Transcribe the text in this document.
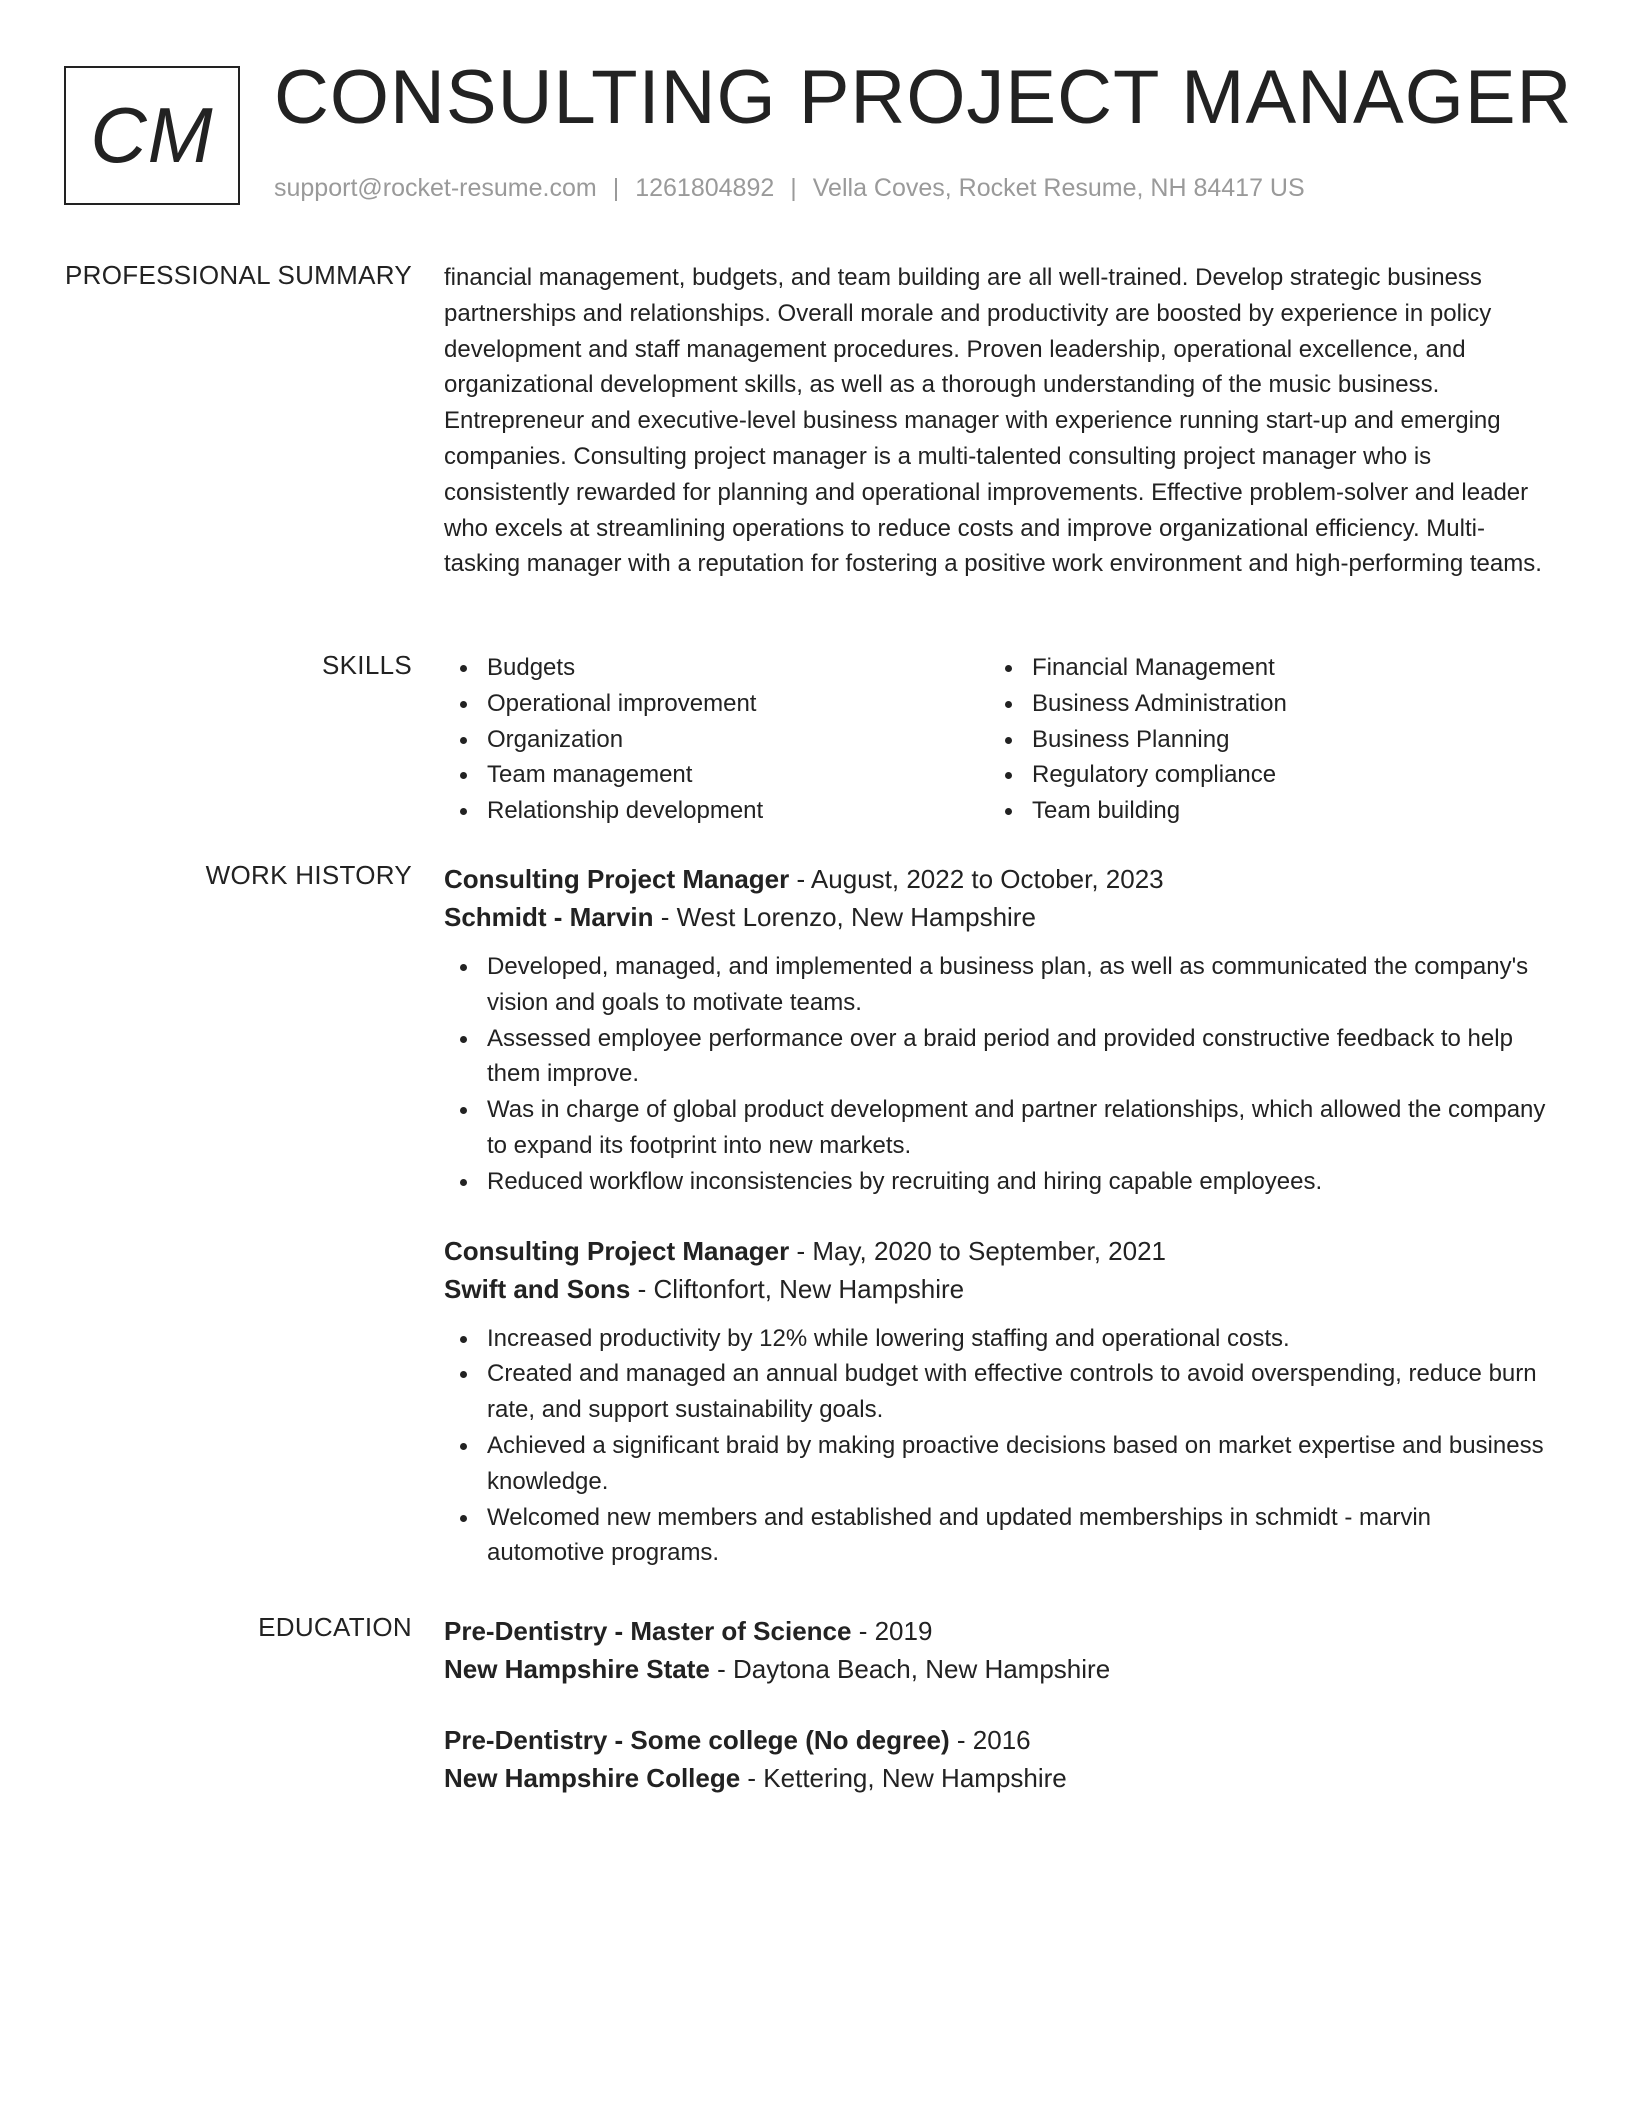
CM CONSULTING PROJECT MANAGER
support@rocket-resume.com | 1261804892 | Vella Coves, Rocket Resume, NH 84417 US
PROFESSIONAL SUMMARY financial management, budgets, and team building are all well-trained. Develop strategic business partnerships and relationships. Overall morale and productivity are boosted by experience in policy development and staff management procedures. Proven leadership, operational excellence, and organizational development skills, as well as a thorough understanding of the music business. Entrepreneur and executive-level business manager with experience running start-up and emerging companies. Consulting project manager is a multi-talented consulting project manager who is consistently rewarded for planning and operational improvements. Effective problem-solver and leader who excels at streamlining operations to reduce costs and improve organizational efficiency. Multi-tasking manager with a reputation for fostering a positive work environment and high-performing teams.

SKILLS	Budgets
Operational improvement
Organization
Team management
Relationship development
Financial Management
Business Administration
Business Planning
Regulatory compliance
Team building
WORK HISTORY Consulting Project Manager - August, 2022 to October, 2023
Schmidt - Marvin - West Lorenzo, New Hampshire
Developed, managed, and implemented a business plan, as well as communicated the company's vision and goals to motivate teams.
Assessed employee performance over a braid period and provided constructive feedback to help them improve.
Was in charge of global product development and partner relationships, which allowed the company to expand its footprint into new markets.
Reduced workflow inconsistencies by recruiting and hiring capable employees.
Consulting Project Manager - May, 2020 to September, 2021
Swift and Sons - Cliftonfort, New Hampshire
Increased productivity by 12% while lowering staffing and operational costs.
Created and managed an annual budget with effective controls to avoid overspending, reduce burn rate, and support sustainability goals.
Achieved a significant braid by making proactive decisions based on market expertise and business knowledge.
Welcomed new members and established and updated memberships in schmidt - marvin automotive programs.
EDUCATION Pre-Dentistry - Master of Science - 2019
New Hampshire State - Daytona Beach, New Hampshire
Pre-Dentistry - Some college (No degree) - 2016
New Hampshire College - Kettering, New Hampshire
